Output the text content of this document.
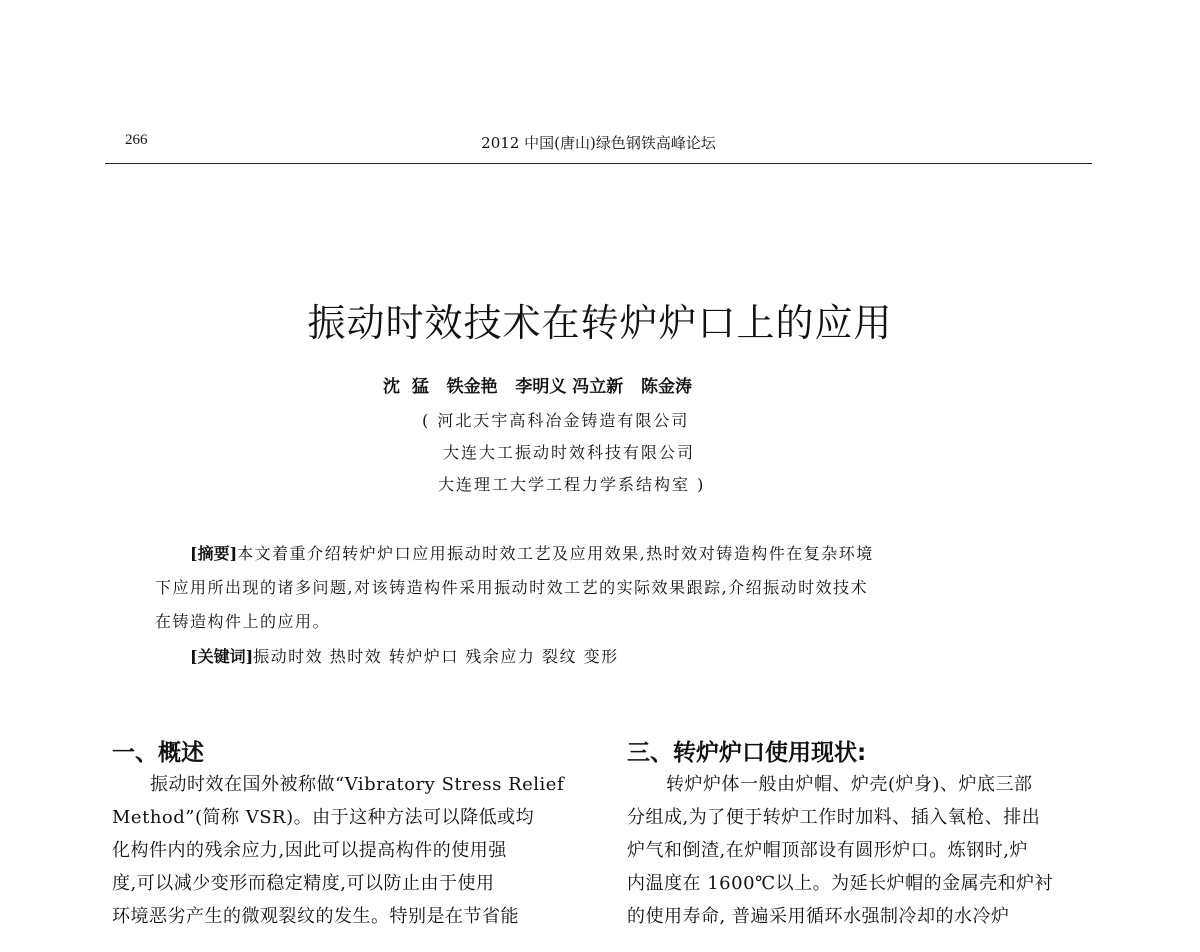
266	2012 中国(唐山)绿色钢铁高峰论坛
振动时效技术在转炉炉口上的应用
沈  猛   铁金艳   李明义 冯立新   陈金涛
( 河北天宇高科冶金铸造有限公司
大连大工振动时效科技有限公司
大连理工大学工程力学系结构室 )
[摘要]本文着重介绍转炉炉口应用振动时效工艺及应用效果,热时效对铸造构件在复杂环境
下应用所出现的诸多问题,对该铸造构件采用振动时效工艺的实际效果跟踪,介绍振动时效技术
在铸造构件上的应用。
[关键词]振动时效 热时效 转炉炉口 残余应力 裂纹 变形
一、概述
振动时效在国外被称做“Vibratory Stress Relief
Method”(简称 VSR)。由于这种方法可以降低或均
化构件内的残余应力,因此可以提高构件的使用强
度,可以减少变形而稳定精度,可以防止由于使用
环境恶劣产生的微观裂纹的发生。特别是在节省能
三、转炉炉口使用现状:
转炉炉体一般由炉帽、炉壳(炉身)、炉底三部
分组成,为了便于转炉工作时加料、插入氧枪、排出
炉气和倒渣,在炉帽顶部设有圆形炉口。炼钢时,炉
内温度在 1600℃以上。为延长炉帽的金属壳和炉衬
的使用寿命, 普遍采用循环水强制冷却的水冷炉
